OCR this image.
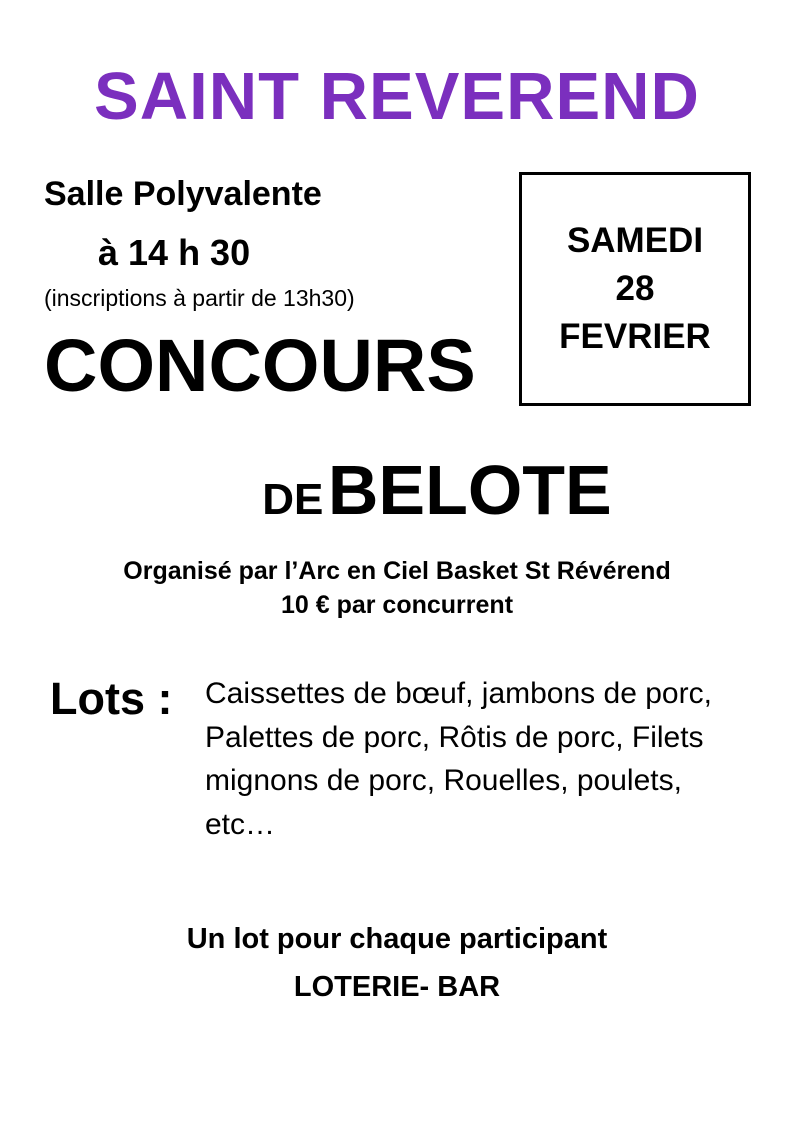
SAINT REVEREND
Salle Polyvalente
à 14 h 30
(inscriptions à partir de 13h30)
SAMEDI
28
FEVRIER
CONCOURS
DE BELOTE
Organisé par l’Arc en Ciel Basket St Révérend
10 € par concurrent
Lots :	Caissettes de bœuf, jambons de porc, Palettes de porc, Rôtis de porc, Filets mignons de porc, Rouelles, poulets, etc…
Un lot pour chaque participant
LOTERIE- BAR
